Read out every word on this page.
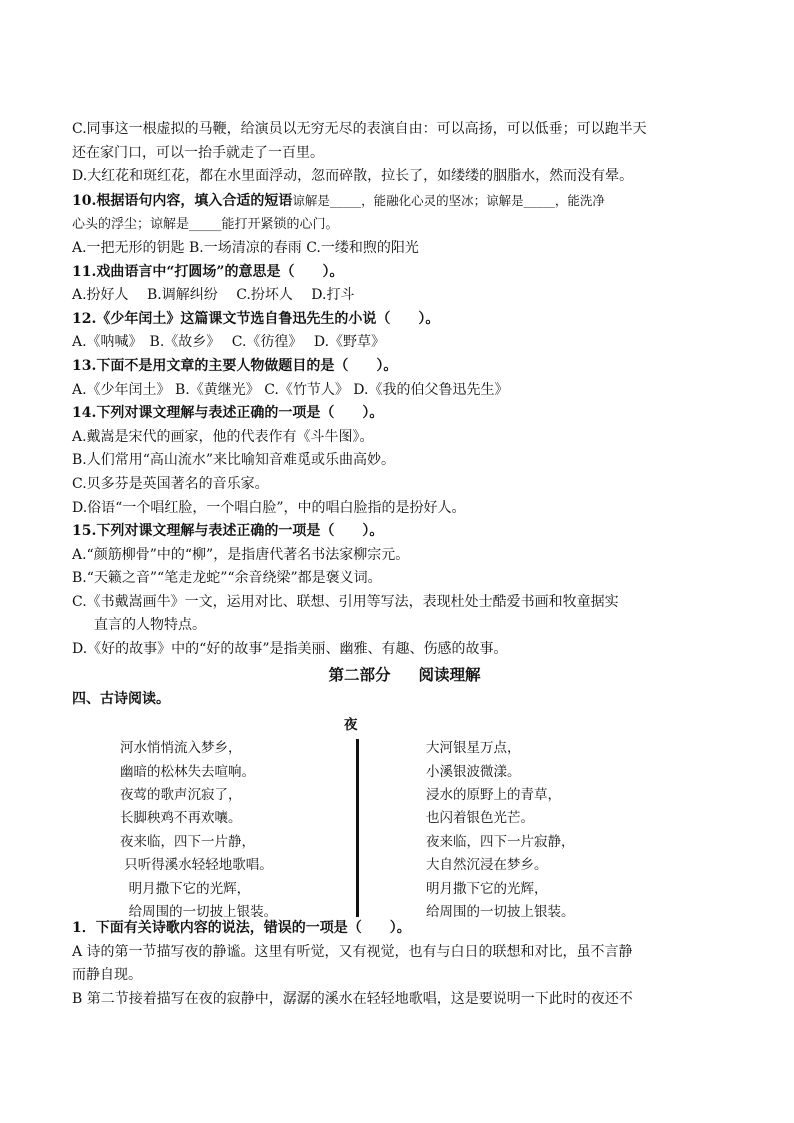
C.同事这一根虚拟的马鞭，给演员以无穷无尽的表演自由：可以高扬，可以低垂；可以跑半天
还在家门口，可以一抬手就走了一百里。
D.大红花和斑红花，都在水里面浮动，忽而碎散，拉长了，如缕缕的胭脂水，然而没有晕。
10.根据语句内容，填入合适的短语谅解是_____，能融化心灵的坚冰；谅解是_____，能洗净
心头的浮尘；谅解是_____能打开紧锁的心门。
A.一把无形的钥匙 B.一场清凉的春雨 C.一缕和煦的阳光
11.戏曲语言中“打圆场”的意思是（　　）。
A.扮好人　 B.调解纠纷　 C.扮坏人　 D.打斗
12.《少年闰土》这篇课文节选自鲁迅先生的小说（　　）。
A.《呐喊》　B.《故乡》　 C.《彷徨》　 D.《野草》
13.下面不是用文章的主要人物做题目的是（　　）。
A.《少年闰土》 B.《黄继光》 C.《竹节人》 D.《我的伯父鲁迅先生》
14.下列对课文理解与表述正确的一项是（　　）。
A.戴嵩是宋代的画家，他的代表作有《斗牛图》。
B.人们常用“高山流水”来比喻知音难觅或乐曲高妙。
C.贝多芬是英国著名的音乐家。
D.俗语“一个唱红脸，一个唱白脸”，中的唱白脸指的是扮好人。
15.下列对课文理解与表述正确的一项是（　　）。
A.“颜筋柳骨”中的“柳”，是指唐代著名书法家柳宗元。
B.“天籁之音”“笔走龙蛇”“余音绕梁”都是褒义词。
C.《书戴嵩画牛》一文，运用对比、联想、引用等写法，表现杜处士酷爱书画和牧童据实
直言的人物特点。
D.《好的故事》中的“好的故事”是指美丽、幽雅、有趣、伤感的故事。
第二部分 阅读理解
四、古诗阅读。
夜
河水悄悄流入梦乡，
幽暗的松林失去喧响。
夜莺的歌声沉寂了，
长脚秧鸡不再欢嚷。
夜来临，四下一片静，
只听得溪水轻轻地歌唱。
明月撒下它的光辉，
给周围的一切披上银装。
大河银星万点，
小溪银波微漾。
浸水的原野上的青草，
也闪着银色光芒。
夜来临，四下一片寂静，
大自然沉浸在梦乡。
明月撒下它的光辉，
给周围的一切披上银装。
1．下面有关诗歌内容的说法，错误的一项是（　　）。
A 诗的第一节描写夜的静谧。这里有听觉，又有视觉，也有与白日的联想和对比，虽不言静
而静自现。
B 第二节接着描写在夜的寂静中，潺潺的溪水在轻轻地歌唱，这是要说明一下此时的夜还不
